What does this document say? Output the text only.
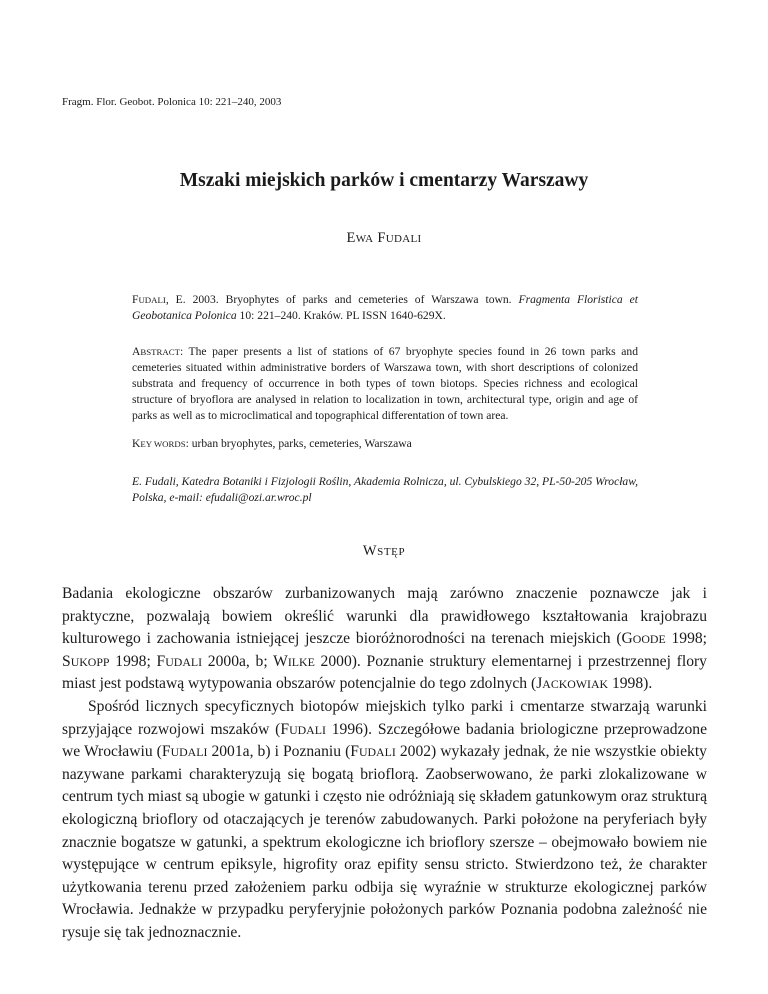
Fragm. Flor. Geobot. Polonica 10: 221–240, 2003
Mszaki miejskich parków i cmentarzy Warszawy
EWA FUDALI

FUDALI, E. 2003. Bryophytes of parks and cemeteries of Warszawa town. Fragmenta Floristica et Geobotanica Polonica 10: 221–240. Kraków. PL ISSN 1640-629X.

ABSTRACT: The paper presents a list of stations of 67 bryophyte species found in 26 town parks and cemeteries situated within administrative borders of Warszawa town, with short descriptions of colonized substrata and frequency of occurrence in both types of town biotops. Species richness and ecological structure of bryoflora are analysed in relation to localization in town, architectural type, origin and age of parks as well as to microclimatical and topographical differentation of town area.

KEY WORDS: urban bryophytes, parks, cemeteries, Warszawa

E. Fudali, Katedra Botaniki i Fizjologii Roślin, Akademia Rolnicza, ul. Cybulskiego 32, PL-50-205 Wrocław, Polska, e-mail: efudali@ozi.ar.wroc.pl

WSTĘP

Badania ekologiczne obszarów zurbanizowanych mają zarówno znaczenie poznawcze jak i praktyczne, pozwalają bowiem określić warunki dla prawidłowego kształtowania krajobrazu kulturowego i zachowania istniejącej jeszcze bioróżnorodności na terenach miejskich (GOODE 1998; SUKOPP 1998; FUDALI 2000a, b; WILKE 2000). Poznanie struktury elementarnej i przestrzennej flory miast jest podstawą wytypowania obszarów potencjalnie do tego zdolnych (JACKOWIAK 1998).

Spośród licznych specyficznych biotopów miejskich tylko parki i cmentarze stwarzają warunki sprzyjające rozwojowi mszaków (FUDALI 1996). Szczegółowe badania briologiczne przeprowadzone we Wrocławiu (FUDALI 2001a, b) i Poznaniu (FUDALI 2002) wykazały jednak, że nie wszystkie obiekty nazywane parkami charakteryzują się bogatą brioflorą. Zaobserwowano, że parki zlokalizowane w centrum tych miast są ubogie w gatunki i często nie odróżniają się składem gatunkowym oraz strukturą ekologiczną brioflory od otaczających je terenów zabudowanych. Parki położone na peryferiach były znacznie bogatsze w gatunki, a spektrum ekologiczne ich brioflory szersze – obejmowało bowiem nie występujące w centrum epiksyle, higrofity oraz epifity sensu stricto. Stwierdzono też, że charakter użytkowania terenu przed założeniem parku odbija się wyraźnie w strukturze ekologicznej parków Wrocławia. Jednakże w przypadku peryferyjnie położonych parków Poznania podobna zależność nie rysuje się tak jednoznacznie.
